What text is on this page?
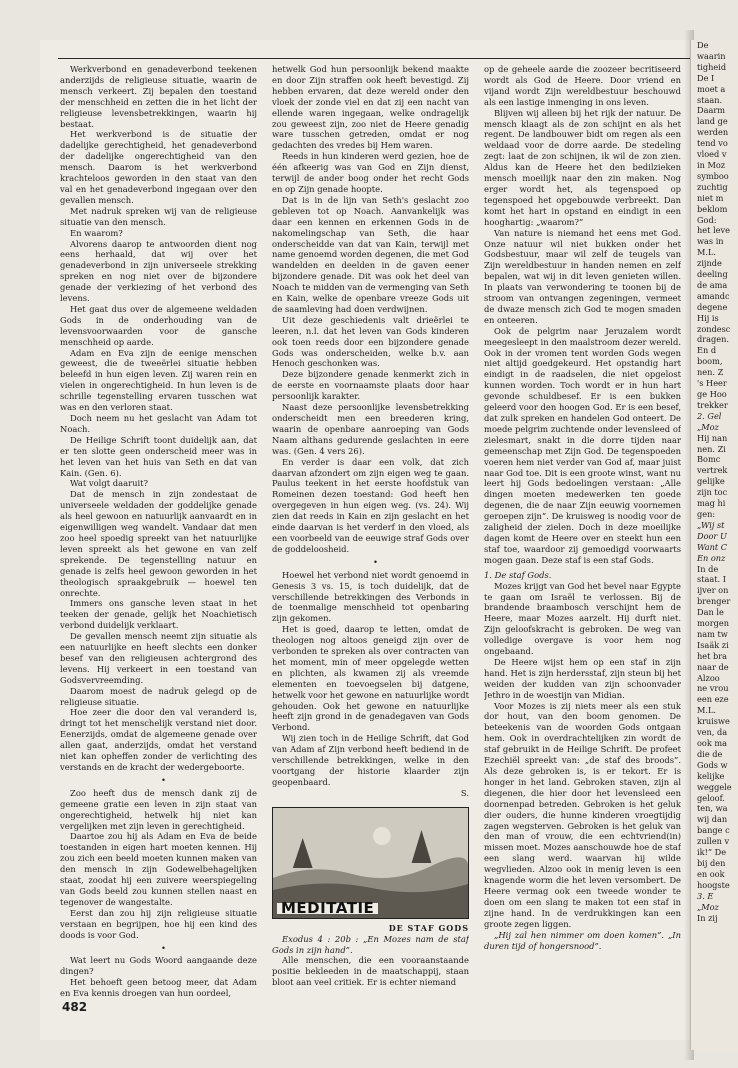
Werkverbond en genadeverbond teekenen anderzijds de religieuse situatie, waarin de mensch verkeert. Zij bepalen den toestand der menschheid en zetten die in het licht der religieuse levensbetrekkingen, waarin hij bestaat.

Het werkverbond is de situatie der dadelijke gerechtigheid, het genadeverbond der dadelijke ongerechtigheid van den mensch. Daarom is het werkverbond krachteloos geworden in den staat van den val en het genadeverbond ingegaan over den gevallen mensch.

Met nadruk spreken wij van de religieuse situatie van den mensch.

En waarom?

Alvorens daarop te antwoorden dient nog eens herhaald, dat wij over het genadeverbond in zijn universeele strekking spreken en nog niet over de bijzondere genade der verkiezing of het verbond des levens.

Het gaat dus over de algemeene weldaden Gods in de onderhouding van de levensvoorwaarden voor de gansche menschheid op aarde.

Adam en Eva zijn de eenige menschen geweest, die de tweeërlei situatie hebben beleefd in hun eigen leven. Zij waren rein en vielen in ongerechtigheid. In hun leven is de schrille tegenstelling ervaren tusschen wat was en den verloren staat.

Doch neem nu het geslacht van Adam tot Noach.

De Heilige Schrift toont duidelijk aan, dat er ten slotte geen onderscheid meer was in het leven van het huis van Seth en dat van Kain. (Gen. 6).

Wat volgt daaruit?

Dat de mensch in zijn zondestaat de universeele weldaden der goddelijke genade als heel gewoon en natuurlijk aanvaardt en in eigenwilligen weg wandelt. Vandaar dat men zoo heel spoedig spreekt van het natuurlijke leven spreekt als het gewone en van zelf sprekende. De tegenstelling natuur en genade is zelfs heel gewoon geworden in het theologisch spraakgebruik — hoewel ten onrechte.

Immers ons gansche leven staat in het teeken der genade, gelijk het Noachietisch verbond duidelijk verklaart.

De gevallen mensch neemt zijn situatie als een natuurlijke en heeft slechts een donker besef van den religieusen achtergrond des levens. Hij verkeert in een toestand van Godsvervreemding.

Daarom moest de nadruk gelegd op de religieuse situatie.

Hoe zeer die door den val veranderd is, dringt tot het menschelijk verstand niet door. Eenerzijds, omdat de algemeene genade over allen gaat, anderzijds, omdat het verstand niet kan opheffen zonder de verlichting des verstands en de kracht der wedergeboorte.

•

Zoo heeft dus de mensch dank zij de gemeene gratie een leven in zijn staat van ongerechtigheid, hetwelk hij niet kan vergelijken met zijn leven in gerechtigheid.

Daartoe zou hij als Adam en Eva de beide toestanden in eigen hart moeten kennen. Hij zou zich een beeld moeten kunnen maken van den mensch in zijn Godewelbehagelijken staat, zoodat hij een zuivere weerspiegeling van Gods beeld zou kunnen stellen naast en tegenover de wangestalte.

Eerst dan zou hij zijn religieuse situatie verstaan en begrijpen, hoe hij een kind des doods is voor God.

•

Wat leert nu Gods Woord aangaande deze dingen?

Het behoeft geen betoog meer, dat Adam en Eva kennis droegen van hun oordeel,

hetwelk God hun persoonlijk bekend maakte en door Zijn straffen ook heeft bevestigd. Zij hebben ervaren, dat deze wereld onder den vloek der zonde viel en dat zij een nacht van ellende waren ingegaan, welke ondragelijk zou geweest zijn, zoo niet de Heere genadig ware tusschen getreden, omdat er nog gedachten des vredes bij Hem waren.

Reeds in hun kinderen werd gezien, hoe de één afkeerig was van God en Zijn dienst, terwijl de ander boog onder het recht Gods en op Zijn genade hoopte.

Dat is in de lijn van Seth's geslacht zoo gebleven tot op Noach. Aanvankelijk was daar een kennen en erkennen Gods in de nakomelingschap van Seth, die haar onderscheidde van dat van Kain, terwijl met name genoemd worden degenen, die met God wandelden en deelden in de gaven eener bijzondere genade. Dit was ook het deel van Noach te midden van de vermenging van Seth en Kain, welke de openbare vreeze Gods uit de saamleving had doen verdwijnen.

Uit deze geschiedenis valt drieërlei te leeren, n.l. dat het leven van Gods kinderen ook toen reeds door een bijzondere genade Gods was onderscheiden, welke b.v. aan Henoch geschonken was.

Deze bijzondere genade kenmerkt zich in de eerste en voornaamste plaats door haar persoonlijk karakter.

Naast deze persoonlijke levensbetrekking onderscheidt men een breederen kring, waarin de openbare aanroeping van Gods Naam althans gedurende geslachten in eere was. (Gen. 4 vers 26).

En verder is daar een volk, dat zich daarvan afzondert om zijn eigen weg te gaan. Paulus teekent in het eerste hoofdstuk van Romeinen dezen toestand: God heeft hen overgegeven in hun eigen weg. (vs. 24). Wij zien dat reeds in Kain en zijn geslacht en het einde daarvan is het verderf in den vloed, als een voorbeeld van de eeuwige straf Gods over de goddeloosheid.

•

Hoewel het verbond niet wordt genoemd in Genesis 3 vs. 15, is toch duidelijk, dat de verschillende betrekkingen des Verbonds in de toenmalige menschheid tot openbaring zijn gekomen.

Het is goed, daarop te letten, omdat de theologen nog altoos geneigd zijn over de verbonden te spreken als over contracten van het moment, min of meer opgelegde wetten en plichten, als kwamen zij als vreemde elementen en toevoegselen bij datgene, hetwelk voor het gewone en natuurlijke wordt gehouden. Ook het gewone en natuurlijke heeft zijn grond in de genadegaven van Gods Verbond.

Wij zien toch in de Heilige Schrift, dat God van Adam af Zijn verbond heeft bediend in de verschillende betrekkingen, welke in den voortgang der historie klaarder zijn geopenbaard.

S.

MEDITATIE

DE STAF GODS

Exodus 4 : 20b : „En Mozes nam de staf Gods in zijn hand”.

Alle menschen, die een vooraanstaande positie bekleeden in de maatschappij, staan bloot aan veel critiek. Er is echter niemand

op de geheele aarde die zoozeer becritiseerd wordt als God de Heere. Door vriend en vijand wordt Zijn wereldbestuur beschouwd als een lastige inmenging in ons leven.

Blijven wij alleen bij het rijk der natuur. De mensch klaagt als de zon schijnt en als het regent. De landbouwer bidt om regen als een weldaad voor de dorre aarde. De stedeling zegt: laat de zon schijnen, ik wil de zon zien. Aldus kan de Heere het den bedilzieken mensch moeilijk naar den zin maken. Nog erger wordt het, als tegenspoed op tegenspoed het opgebouwde verbreekt. Dan komt het hart in opstand en eindigt in een hooghartig: „waarom?”

Van nature is niemand het eens met God. Onze natuur wil niet bukken onder het Godsbestuur, maar wil zelf de teugels van Zijn wereldbestuur in handen nemen en zelf bepalen, wat wij in dit leven genieten willen. In plaats van verwondering te toonen bij de stroom van ontvangen zegeningen, vermeet de dwaze mensch zich God te mogen smaden en onteeren.

Ook de pelgrim naar Jeruzalem wordt meegesleept in den maalstroom dezer wereld. Ook in der vromen tent worden Gods wegen niet altijd goedgekeurd. Het opstandig hart eindigt in de raadselen, die niet opgelost kunnen worden. Toch wordt er in hun hart gevonde schuldbesef. Er is een bukken geleerd voor den hoogen God. Er is een besef, dat zulk spreken en handelen God onteert. De moede pelgrim zuchtende onder levensleed of zielesmart, snakt in die dorre tijden naar gemeenschap met Zijn God. De tegenspoeden voeren hem niet verder van God af, maar juist naar God toe. Dit is een groote winst, want nu leert hij Gods bedoelingen verstaan: „Alle dingen moeten medewerken ten goede degenen, die de naar Zijn eeuwig voornemen geroepen zijn”. De kruisweg is noodig voor de zaligheid der zielen. Doch in deze moeilijke dagen komt de Heere over en steekt hun een staf toe, waardoor zij gemoedigd voorwaarts mogen gaan. Deze staf is een staf Gods.

1. De staf Gods.

Mozes krijgt van God het bevel naar Egypte te gaan om Israël te verlossen. Bij de brandende braambosch verschijnt hem de Heere, maar Mozes aarzelt. Hij durft niet. Zijn geloofskracht is gebroken. De weg van volledige overgave is voor hem nog ongebaand.

De Heere wijst hem op een staf in zijn hand. Het is zijn herdersstaf, zijn steun bij het weiden der kudden van zijn schoonvader Jethro in de woestijn van Midian.

Voor Mozes is zij niets meer als een stuk dor hout, van den boom genomen. De beteekenis van de woorden Gods ontgaan hem. Ook in overdrachtelijken zin wordt de staf gebruikt in de Heilige Schrift. De profeet Ezechiël spreekt van: „de staf des broods”. Als deze gebroken is, is er tekort. Er is honger in het land. Gebroken staven, zijn al diegenen, die hier door het levensleed een doornenpad betreden. Gebroken is het geluk dier ouders, die hunne kinderen vroegtijdig zagen wegsterven. Gebroken is het geluk van den man of vrouw, die een echtvriend(in) missen moet. Mozes aanschouwde hoe de staf een slang werd. waarvan hij wilde wegvlieden. Alzoo ook in menig leven is een knagende worm die het leven versombert. De Heere vermag ook een tweede wonder te doen om een slang te maken tot een staf in zijne hand. In de verdrukkingen kan een groote zegen liggen.

„Hij zal hen nimmer om doen komen”. „In duren tijd of hongersnood”.

482
De
waarin
tigheid
De I
moet a
staan.
Daarm
land ge
werden
tend vo
vloed v
in Moz
symboo
zuchtig
niet m
beklom
God:
het leve
was in
M.L.
zijnde
deeling
de ama
amandc
degene
Hij is
zondesc
dragen.
En d
boom,
nen. Z
's Heer
ge Hoo
trekker
2. Gel
„Moz
Hij nan
nen. Zi
Bomc
vertrek
gelijke
zijn toc
mag hi
gen:
„Wij st
Door U
Want C
En onz
In de
staat. I
ijver on
brenger
Dan le
morgen
nam tw
Isaäk zi
het bra
naar de
Alzoo
ne vrou
een eze
M.L.
kruiswe
ven, da
ook ma
die de
Gods w
kelijke
weggele
geloof.
ten, wa
wij dan
bange c
zullen v
ik!” De
bij den
en ook
hoogste
3. E
„Moz
In zij
